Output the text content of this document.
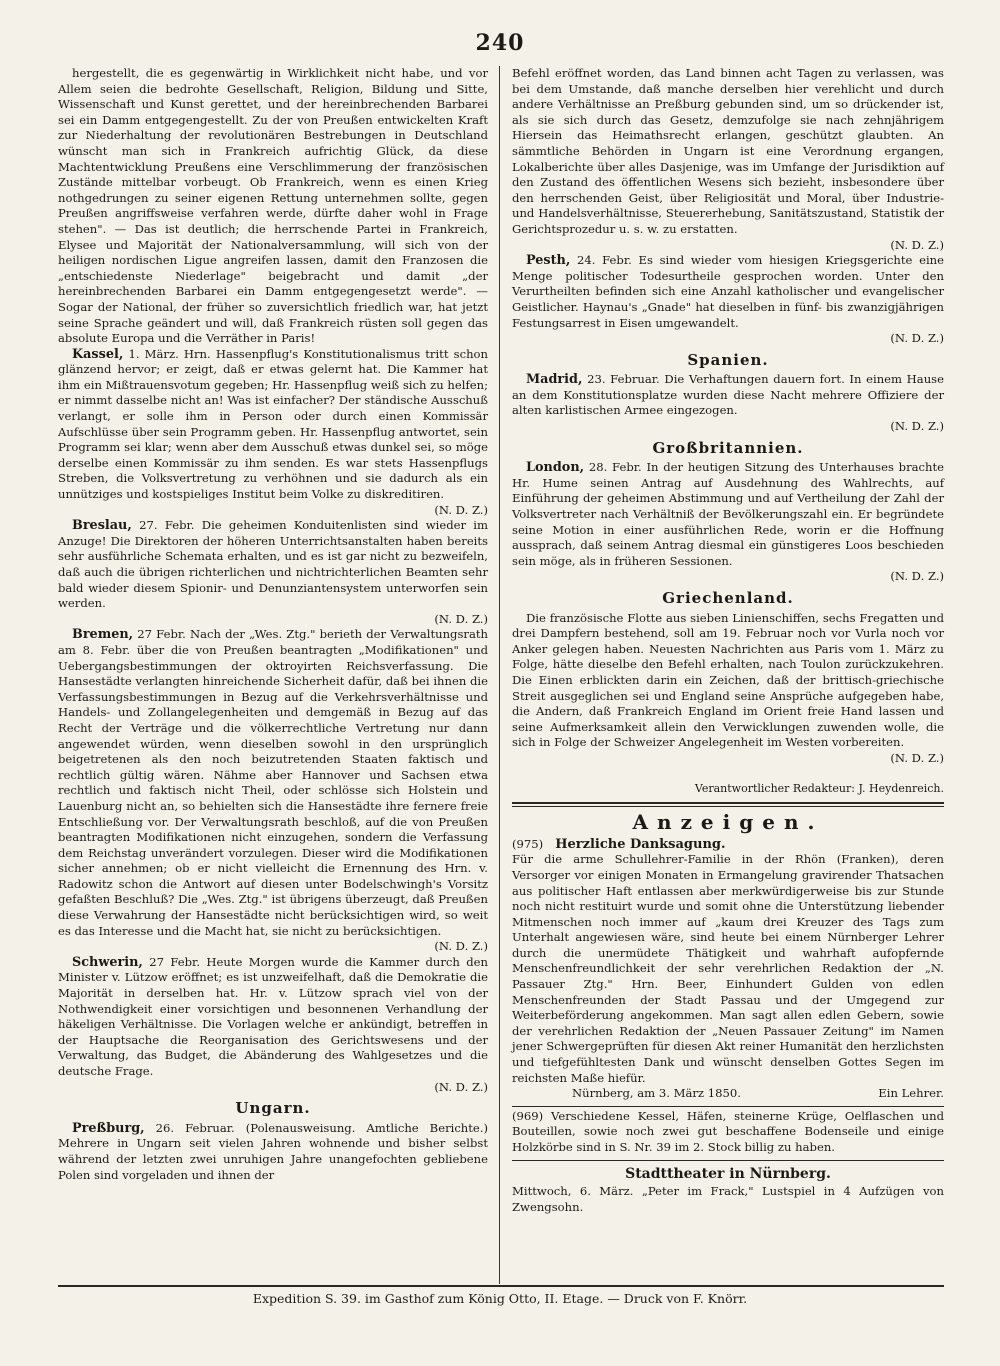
240

hergestellt, die es gegenwärtig in Wirklichkeit nicht habe, und vor Allem seien die bedrohte Gesellschaft, Religion, Bildung und Sitte, Wissenschaft und Kunst gerettet, und der hereinbrechenden Barbarei sei ein Damm entgegengestellt. Zu der von Preußen entwickelten Kraft zur Niederhaltung der revolutionären Bestrebungen in Deutschland wünscht man sich in Frankreich aufrichtig Glück, da diese Machtentwicklung Preußens eine Verschlimmerung der französischen Zustände mittelbar vorbeugt. Ob Frankreich, wenn es einen Krieg nothgedrungen zu seiner eigenen Rettung unternehmen sollte, gegen Preußen angriffsweise verfahren werde, dürfte daher wohl in Frage stehen". — Das ist deutlich; die herrschende Partei in Frankreich, Elysee und Majorität der Nationalversammlung, will sich von der heiligen nordischen Ligue angreifen lassen, damit den Franzosen die „entschiedenste Niederlage" beigebracht und damit „der hereinbrechenden Barbarei ein Damm entgegengesetzt werde". — Sogar der National, der früher so zuversichtlich friedlich war, hat jetzt seine Sprache geändert und will, daß Frankreich rüsten soll gegen das absolute Europa und die Verräther in Paris!

Kassel, 1. März. Hrn. Hassenpflug's Konstitutionalismus tritt schon glänzend hervor; er zeigt, daß er etwas gelernt hat. Die Kammer hat ihm ein Mißtrauensvotum gegeben; Hr. Hassenpflug weiß sich zu helfen; er nimmt dasselbe nicht an! Was ist einfacher? Der ständische Ausschuß verlangt, er solle ihm in Person oder durch einen Kommissär Aufschlüsse über sein Programm geben. Hr. Hassenpflug antwortet, sein Programm sei klar; wenn aber dem Ausschuß etwas dunkel sei, so möge derselbe einen Kommissär zu ihm senden. Es war stets Hassenpflugs Streben, die Volksvertretung zu verhöhnen und sie dadurch als ein unnütziges und kostspieliges Institut beim Volke zu diskreditiren.
(N. D. Z.)

Breslau, 27. Febr. Die geheimen Konduitenlisten sind wieder im Anzuge! Die Direktoren der höheren Unterrichtsanstalten haben bereits sehr ausführliche Schemata erhalten, und es ist gar nicht zu bezweifeln, daß auch die übrigen richterlichen und nichtrichterlichen Beamten sehr bald wieder diesem Spionir- und Denunziantensystem unterworfen sein werden.
(N. D. Z.)

Bremen, 27 Febr. Nach der „Wes. Ztg." berieth der Verwaltungsrath am 8. Febr. über die von Preußen beantragten „Modifikationen" und Uebergangsbestimmungen der oktroyirten Reichsverfassung. Die Hansestädte verlangten hinreichende Sicherheit dafür, daß bei ihnen die Verfassungsbestimmungen in Bezug auf die Verkehrsverhältnisse und Handels- und Zollangelegenheiten und demgemäß in Bezug auf das Recht der Verträge und die völkerrechtliche Vertretung nur dann angewendet würden, wenn dieselben sowohl in den ursprünglich beigetretenen als den noch beizutretenden Staaten faktisch und rechtlich gültig wären. Nähme aber Hannover und Sachsen etwa rechtlich und faktisch nicht Theil, oder schlösse sich Holstein und Lauenburg nicht an, so behielten sich die Hansestädte ihre fernere freie Entschließung vor. Der Verwaltungsrath beschloß, auf die von Preußen beantragten Modifikationen nicht einzugehen, sondern die Verfassung dem Reichstag unverändert vorzulegen. Dieser wird die Modifikationen sicher annehmen; ob er nicht vielleicht die Ernennung des Hrn. v. Radowitz schon die Antwort auf diesen unter Bodelschwingh's Vorsitz gefaßten Beschluß? Die „Wes. Ztg." ist übrigens überzeugt, daß Preußen diese Verwahrung der Hansestädte nicht berücksichtigen wird, so weit es das Interesse und die Macht hat, sie nicht zu berücksichtigen.
(N. D. Z.)

Schwerin, 27 Febr. Heute Morgen wurde die Kammer durch den Minister v. Lützow eröffnet; es ist unzweifelhaft, daß die Demokratie die Majorität in derselben hat. Hr. v. Lützow sprach viel von der Nothwendigkeit einer vorsichtigen und besonnenen Verhandlung der häkeligen Verhältnisse. Die Vorlagen welche er ankündigt, betreffen in der Hauptsache die Reorganisation des Gerichtswesens und der Verwaltung, das Budget, die Abänderung des Wahlgesetzes und die deutsche Frage.
(N. D. Z.)

Ungarn.

Preßburg, 26. Februar. (Polenausweisung. Amtliche Berichte.) Mehrere in Ungarn seit vielen Jahren wohnende und bisher selbst während der letzten zwei unruhigen Jahre unangefochten gebliebene Polen sind vorgeladen und ihnen der

Befehl eröffnet worden, das Land binnen acht Tagen zu verlassen, was bei dem Umstande, daß manche derselben hier verehlicht und durch andere Verhältnisse an Preßburg gebunden sind, um so drückender ist, als sie sich durch das Gesetz, demzufolge sie nach zehnjährigem Hiersein das Heimathsrecht erlangen, geschützt glaubten. An sämmtliche Behörden in Ungarn ist eine Verordnung ergangen, Lokalberichte über alles Dasjenige, was im Umfange der Jurisdiktion auf den Zustand des öffentlichen Wesens sich bezieht, insbesondere über den herrschenden Geist, über Religiosität und Moral, über Industrie- und Handelsverhältnisse, Steuererhebung, Sanitätszustand, Statistik der Gerichtsprozedur u. s. w. zu erstatten.
(N. D. Z.)

Pesth, 24. Febr. Es sind wieder vom hiesigen Kriegsgerichte eine Menge politischer Todesurtheile gesprochen worden. Unter den Verurtheilten befinden sich eine Anzahl katholischer und evangelischer Geistlicher. Haynau's „Gnade" hat dieselben in fünf- bis zwanzigjährigen Festungsarrest in Eisen umgewandelt.
(N. D. Z.)

Spanien.

Madrid, 23. Februar. Die Verhaftungen dauern fort. In einem Hause an dem Konstitutionsplatze wurden diese Nacht mehrere Offiziere der alten karlistischen Armee eingezogen.
(N. D. Z.)

Großbritannien.

London, 28. Febr. In der heutigen Sitzung des Unterhauses brachte Hr. Hume seinen Antrag auf Ausdehnung des Wahlrechts, auf Einführung der geheimen Abstimmung und auf Vertheilung der Zahl der Volksvertreter nach Verhältniß der Bevölkerungszahl ein. Er begründete seine Motion in einer ausführlichen Rede, worin er die Hoffnung aussprach, daß seinem Antrag diesmal ein günstigeres Loos beschieden sein möge, als in früheren Sessionen.
(N. D. Z.)

Griechenland.

Die französische Flotte aus sieben Linienschiffen, sechs Fregatten und drei Dampfern bestehend, soll am 19. Februar noch vor Vurla noch vor Anker gelegen haben. Neuesten Nachrichten aus Paris vom 1. März zu Folge, hätte dieselbe den Befehl erhalten, nach Toulon zurückzukehren. Die Einen erblickten darin ein Zeichen, daß der brittisch-griechische Streit ausgeglichen sei und England seine Ansprüche aufgegeben habe, die Andern, daß Frankreich England im Orient freie Hand lassen und seine Aufmerksamkeit allein den Verwicklungen zuwenden wolle, die sich in Folge der Schweizer Angelegenheit im Westen vorbereiten.
(N. D. Z.)

Verantwortlicher Redakteur: J. Heydenreich.
Anzeigen.
(975) Herzliche Danksagung.

Für die arme Schullehrer-Familie in der Rhön (Franken), deren Versorger vor einigen Monaten in Ermangelung gravirender Thatsachen aus politischer Haft entlassen aber merkwürdigerweise bis zur Stunde noch nicht restituirt wurde und somit ohne die Unterstützung liebender Mitmenschen noch immer auf „kaum drei Kreuzer des Tags zum Unterhalt angewiesen wäre, sind heute bei einem Nürnberger Lehrer durch die unermüdete Thätigkeit und wahrhaft aufopfernde Menschenfreundlichkeit der sehr verehrlichen Redaktion der „N. Passauer Ztg." Hrn. Beer, Einhundert Gulden von edlen Menschenfreunden der Stadt Passau und der Umgegend zur Weiterbeförderung angekommen. Man sagt allen edlen Gebern, sowie der verehrlichen Redaktion der „Neuen Passauer Zeitung" im Namen jener Schwergeprüften für diesen Akt reiner Humanität den herzlichsten und tiefgefühltesten Dank und wünscht denselben Gottes Segen im reichsten Maße hiefür.

Nürnberg, am 3. März 1850.	Ein Lehrer.

(969) Verschiedene Kessel, Häfen, steinerne Krüge, Oelflaschen und Bouteillen, sowie noch zwei gut beschaffene Bodenseile und einige Holzkörbe sind in S. Nr. 39 im 2. Stock billig zu haben.

Stadttheater in Nürnberg.

Mittwoch, 6. März. „Peter im Frack," Lustspiel in 4 Aufzügen von Zwengsohn.

Expedition S. 39. im Gasthof zum König Otto, II. Etage. — Druck von F. Knörr.
